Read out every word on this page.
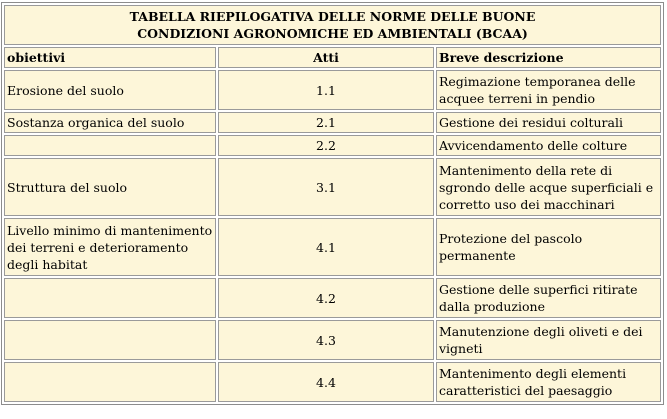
TABELLA RIEPILOGATIVA DELLE NORME DELLE BUONE
CONDIZIONI AGRONOMICHE ED AMBIENTALI (BCAA)		
obiettivi	Atti	Breve descrizione
Erosione del suolo	1.1	Regimazione temporanea delle acquee terreni in pendio
Sostanza organica del suolo	2.1	Gestione dei residui colturali
	2.2	Avvicendamento delle colture
Struttura del suolo	3.1	Mantenimento della rete di sgrondo delle acque superficiali e corretto uso dei macchinari
Livello minimo di mantenimento dei terreni e deterioramento degli habitat	4.1	Protezione del pascolo permanente
	4.2	Gestione delle superfici ritirate dalla produzione
	4.3	Manutenzione degli oliveti e dei vigneti
	4.4	Mantenimento degli elementi caratteristici del paesaggio
